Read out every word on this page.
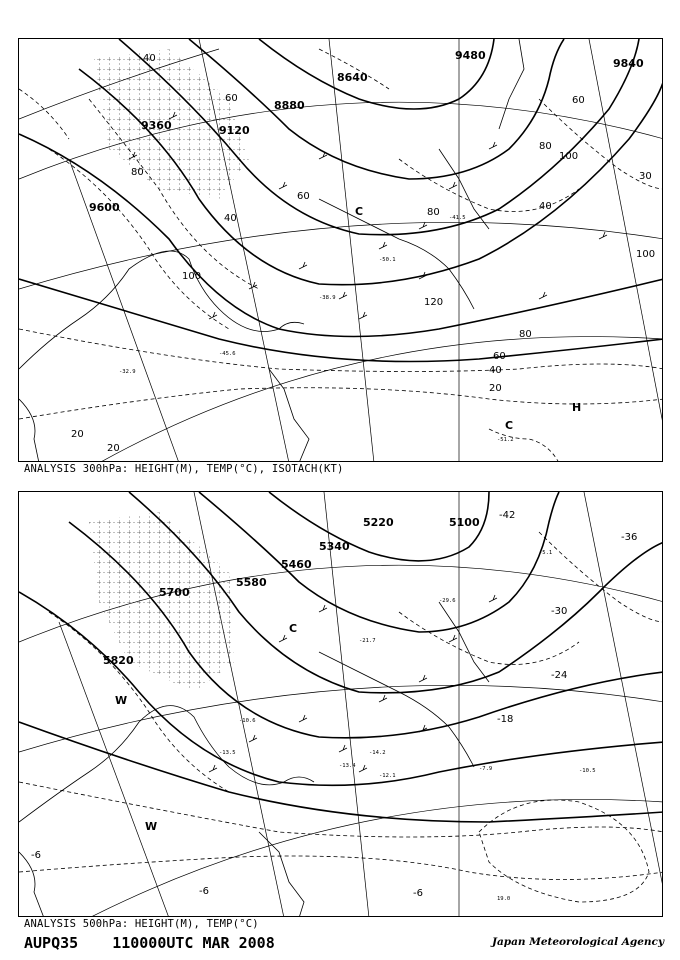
9600
9360	9120
8880
8640
9480
9840
40
60
80
100
120
80
60
40
20
20
20
40
60
80
100
30
40
60
80
100
C
C
H
-51.2
-45.6
-50.1
-41.5
-38.9
-32.9
ANALYSIS 300hPa: HEIGHT(M), TEMP(°C), ISOTACH(KT)
5820
5700
5580
5460
5340
5220	5100
-42
-36
-30
-24
-18
-6
-6	-6
W
W
C
-13.5
-10.6
-5.1
-29.6
-21.7
-12.1
-14.2
-13.4	-7.9	-10.5
19.0
ANALYSIS 500hPa: HEIGHT(M), TEMP(°C)
AUPQ35 110000UTC MAR 2008	Japan Meteorological Agency
